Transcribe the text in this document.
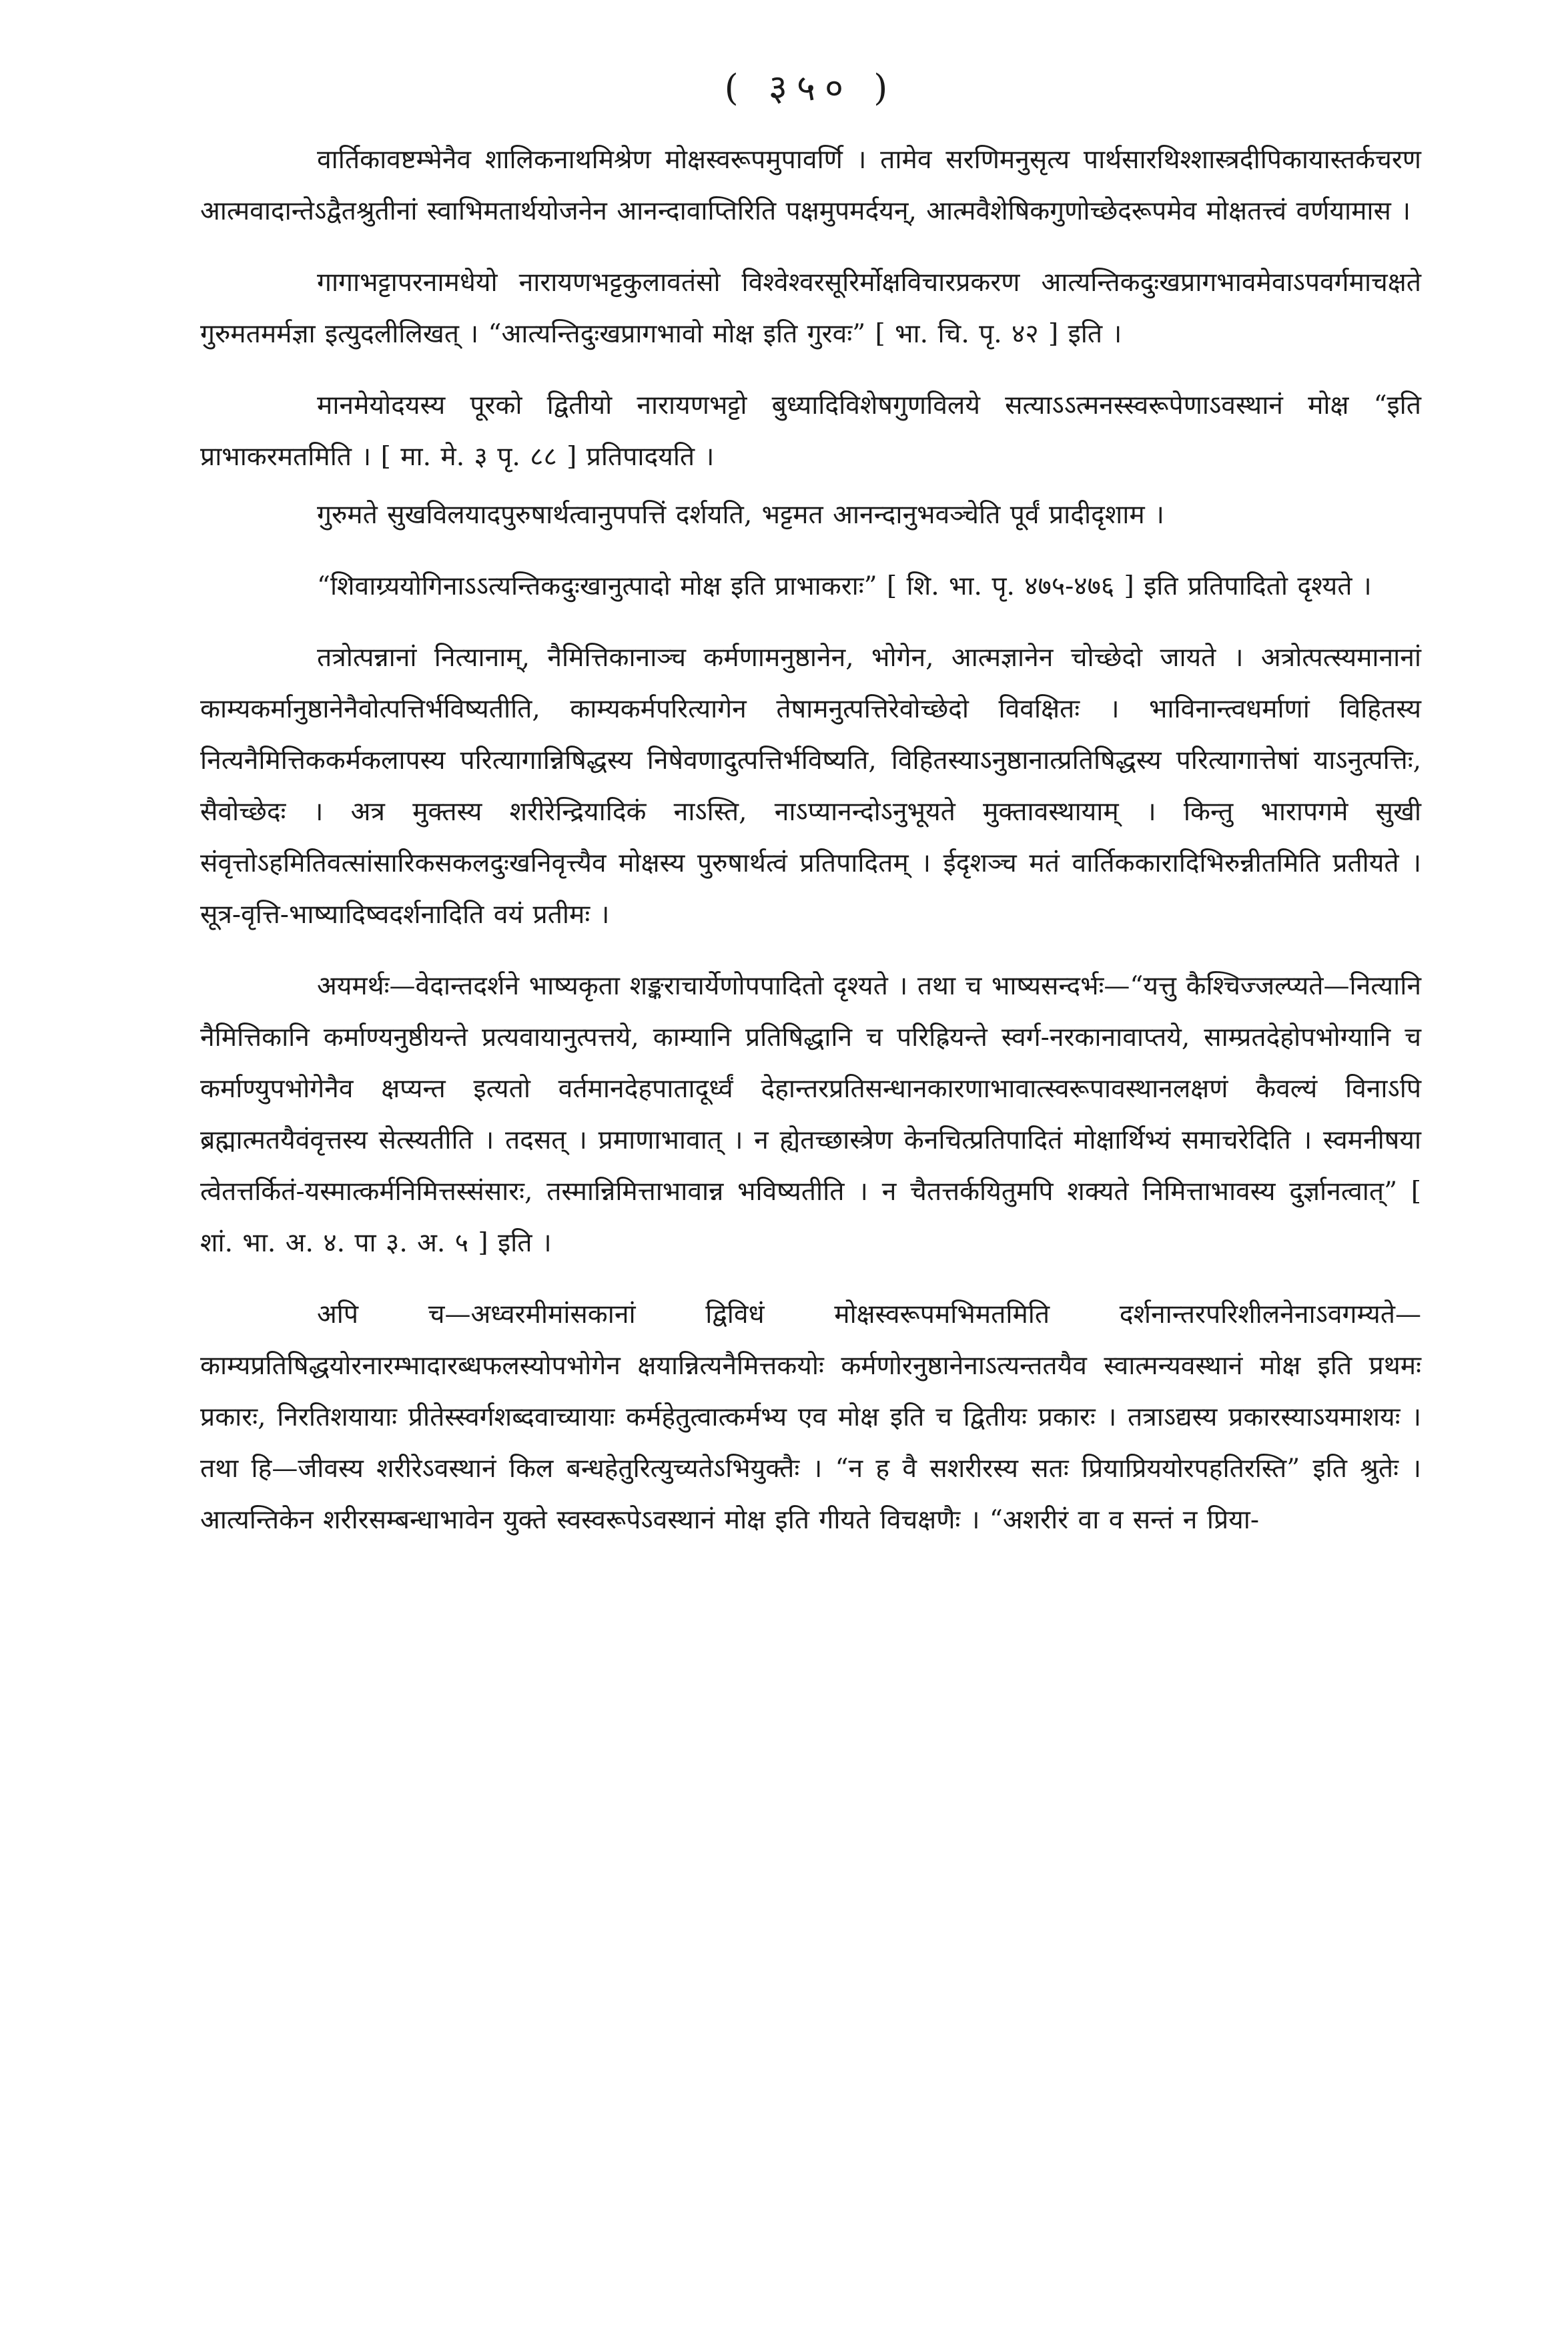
( ३५० )

वार्तिकावष्टम्भेनैव शालिकनाथमिश्रेण मोक्षस्वरूपमुपावर्णि । तामेव सरणिमनुसृत्य पार्थसारथिश्शास्त्रदीपिकायास्तर्कचरण आत्मवादान्तेऽद्वैतश्रुतीनां स्वाभिमतार्थयोजनेन आनन्दावाप्तिरिति पक्षमुपमर्दयन्, आत्मवैशेषिकगुणोच्छेदरूपमेव मोक्षतत्त्वं वर्णयामास ।

गागाभट्टापरनामधेयो नारायणभट्टकुलावतंसो विश्वेश्वरसूरिर्मोक्षविचारप्रकरण आत्यन्तिकदुःखप्रागभावमेवाऽपवर्गमाचक्षते गुरुमतमर्मज्ञा इत्युदलीलिखत् । “आत्यन्तिदुःखप्रागभावो मोक्ष इति गुरवः” [ भा. चि. पृ. ४२ ] इति ।

मानमेयोदयस्य पूरको द्वितीयो नारायणभट्टो बुध्यादिविशेषगुणविलये सत्याऽऽत्मनस्स्वरूपेणाऽवस्थानं मोक्ष “इति प्राभाकरमतमिति । [ मा. मे. ३ पृ. ८८ ] प्रतिपादयति ।

गुरुमते सुखविलयादपुरुषार्थत्वानुपपत्तिं दर्शयति, भट्टमत आनन्दानुभवञ्चेति पूर्वं प्रादीदृशाम ।

“शिवाग्र्ययोगिनाऽऽत्यन्तिकदुःखानुत्पादो मोक्ष इति प्राभाकराः” [ शि. भा. पृ. ४७५-४७६ ] इति प्रतिपादितो दृश्यते ।

तत्रोत्पन्नानां नित्यानाम्, नैमित्तिकानाञ्च कर्मणामनुष्ठानेन, भोगेन, आत्मज्ञानेन चोच्छेदो जायते । अत्रोत्पत्स्यमानानां काम्यकर्मानुष्ठानेनैवोत्पत्तिर्भविष्यतीति, काम्यकर्मपरित्यागेन तेषामनुत्पत्तिरेवोच्छेदो विवक्षितः । भाविनान्त्वधर्माणां विहितस्य नित्यनैमित्तिककर्मकलापस्य परित्यागान्निषिद्धस्य निषेवणादुत्पत्तिर्भविष्यति, विहितस्याऽनुष्ठानात्प्रतिषिद्धस्य परित्यागात्तेषां याऽनुत्पत्तिः, सैवोच्छेदः । अत्र मुक्तस्य शरीरेन्द्रियादिकं नाऽस्ति, नाऽप्यानन्दोऽनुभूयते मुक्तावस्थायाम् । किन्तु भारापगमे सुखी संवृत्तोऽहमितिवत्सांसारिकसकलदुःखनिवृत्त्यैव मोक्षस्य पुरुषार्थत्वं प्रतिपादितम् । ईदृशञ्च मतं वार्तिककारादिभिरुन्नीतमिति प्रतीयते । सूत्र-वृत्ति-भाष्यादिष्वदर्शनादिति वयं प्रतीमः ।

अयमर्थः—वेदान्तदर्शने भाष्यकृता शङ्कराचार्येणोपपादितो दृश्यते । तथा च भाष्यसन्दर्भः—“यत्तु कैश्चिज्जल्प्यते—नित्यानि नैमित्तिकानि कर्माण्यनुष्ठीयन्ते प्रत्यवायानुत्पत्तये, काम्यानि प्रतिषिद्धानि च परिह्रियन्ते स्वर्ग-नरकानावाप्तये, साम्प्रतदेहोपभोग्यानि च कर्माण्युपभोगेनैव क्षप्यन्त इत्यतो वर्तमानदेहपातादूर्ध्वं देहान्तरप्रतिसन्धानकारणाभावात्स्वरूपावस्थानलक्षणं कैवल्यं विनाऽपि ब्रह्मात्मतयैवंवृत्तस्य सेत्स्यतीति । तदसत् । प्रमाणाभावात् । न ह्येतच्छास्त्रेण केनचित्प्रतिपादितं मोक्षार्थिभ्यं समाचरेदिति । स्वमनीषया त्वेतत्तर्कितं-यस्मात्कर्मनिमित्तस्संसारः, तस्मान्निमित्ताभावान्न भविष्यतीति । न चैतत्तर्कयितुमपि शक्यते निमित्ताभावस्य दुर्ज्ञानत्वात्” [ शां. भा. अ. ४. पा ३. अ. ५ ] इति ।

अपि च—अध्वरमीमांसकानां द्विविधं मोक्षस्वरूपमभिमतमिति दर्शनान्तरपरिशीलनेनाऽवगम्यते—काम्यप्रतिषिद्धयोरनारम्भादारब्धफलस्योपभोगेन क्षयान्नित्यनैमित्तकयोः कर्मणोरनुष्ठानेनाऽत्यन्ततयैव स्वात्मन्यवस्थानं मोक्ष इति प्रथमः प्रकारः, निरतिशयायाः प्रीतेस्स्वर्गशब्दवाच्यायाः कर्महेतुत्वात्कर्मभ्य एव मोक्ष इति च द्वितीयः प्रकारः । तत्राऽद्यस्य प्रकारस्याऽयमाशयः । तथा हि—जीवस्य शरीरेऽवस्थानं किल बन्धहेतुरित्युच्यतेऽभियुक्तैः । “न ह वै सशरीरस्य सतः प्रियाप्रिययोरपहतिरस्ति” इति श्रुतेः । आत्यन्तिकेन शरीरसम्बन्धाभावेन युक्ते स्वस्वरूपेऽवस्थानं मोक्ष इति गीयते विचक्षणैः । “अशरीरं वा व सन्तं न प्रिया-
